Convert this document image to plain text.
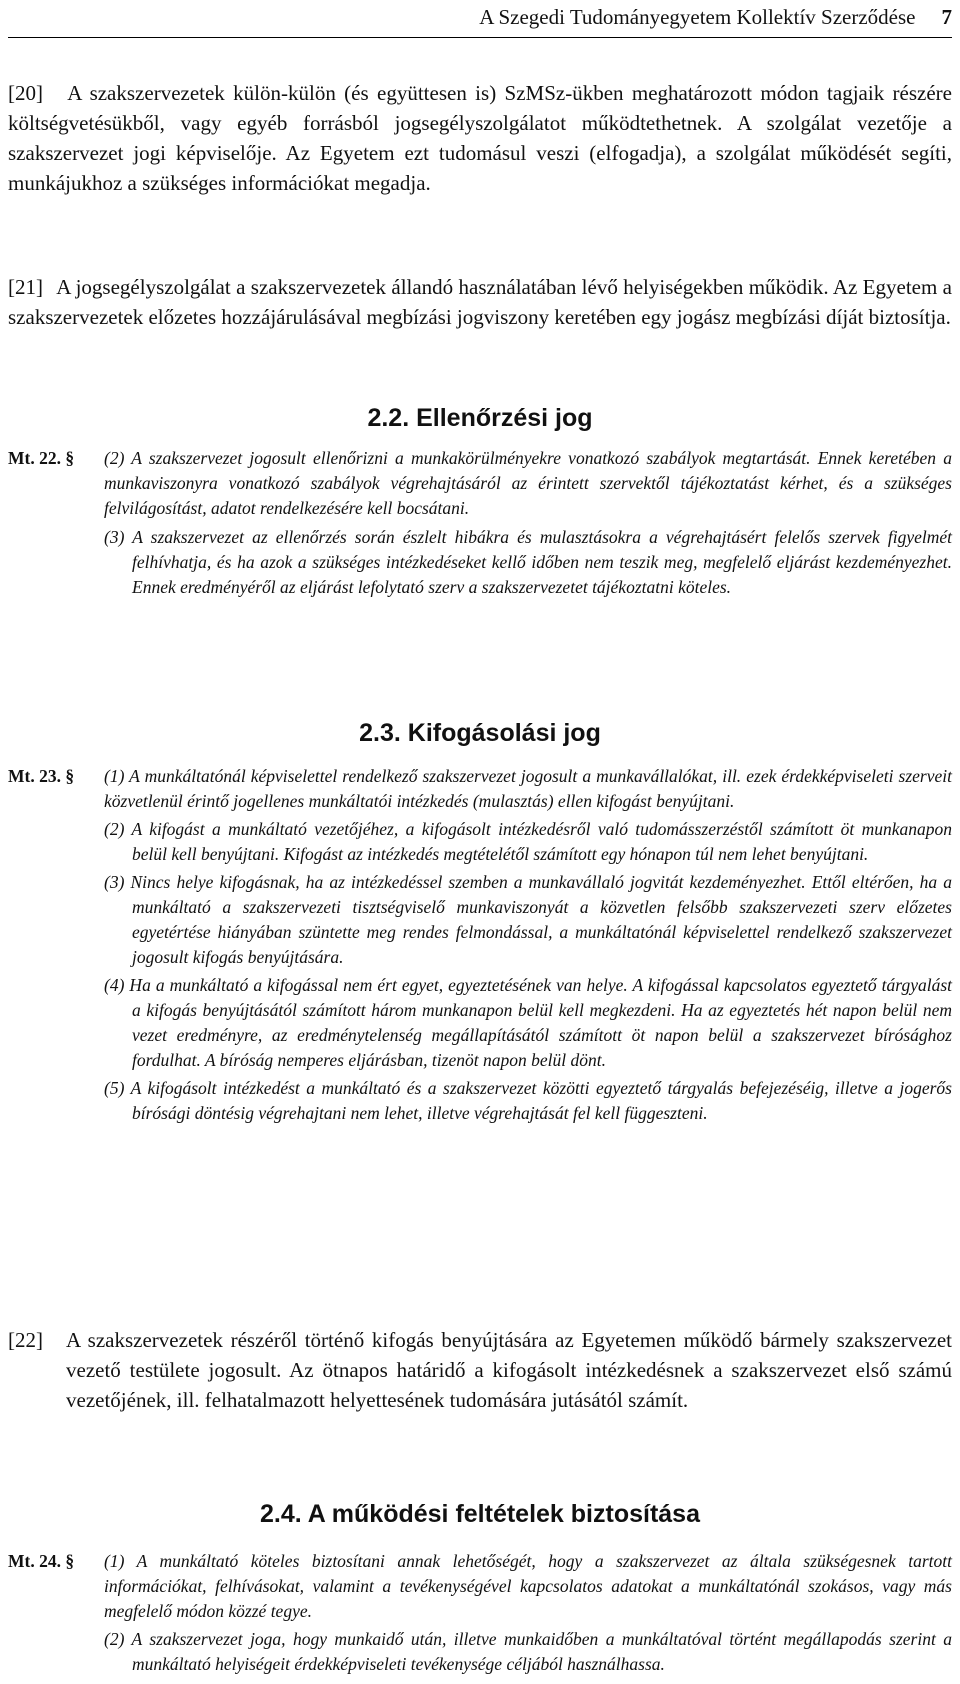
A Szegedi Tudományegyetem Kollektív Szerződése 7
[20] A szakszervezetek külön-külön (és együttesen is) SzMSz-ükben meghatározott módon tagjaik részére költségvetésükből, vagy egyéb forrásból jogsegélyszolgálatot működtethetnek. A szolgálat vezetője a szakszervezet jogi képviselője. Az Egyetem ezt tudomásul veszi (elfogadja), a szolgálat működését segíti, munkájukhoz a szükséges információkat megadja.
[21] A jogsegélyszolgálat a szakszervezetek állandó használatában lévő helyiségekben működik. Az Egyetem a szakszervezetek előzetes hozzájárulásával megbízási jogviszony keretében egy jogász megbízási díját biztosítja.
2.2. Ellenőrzési jog
Mt. 22. § (2) A szakszervezet jogosult ellenőrizni a munkakörülményekre vonatkozó szabályok megtartását. Ennek keretében a munkaviszonyra vonatkozó szabályok végrehajtásáról az érintett szervektől tájékoztatást kérhet, és a szükséges felvilágosítást, adatot rendelkezésére kell bocsátani.
(3) A szakszervezet az ellenőrzés során észlelt hibákra és mulasztásokra a végrehajtásért felelős szervek figyelmét felhívhatja, és ha azok a szükséges intézkedéseket kellő időben nem teszik meg, megfelelő eljárást kezdeményezhet. Ennek eredményéről az eljárást lefolytató szerv a szakszervezetet tájékoztatni köteles.
2.3. Kifogásolási jog
Mt. 23. § (1) A munkáltatónál képviselettel rendelkező szakszervezet jogosult a munkavállalókat, ill. ezek érdekképviseleti szerveit közvetlenül érintő jogellenes munkáltatói intézkedés (mulasztás) ellen kifogást benyújtani.
(2) A kifogást a munkáltató vezetőjéhez, a kifogásolt intézkedésről való tudomásszerzéstől számított öt munkanapon belül kell benyújtani. Kifogást az intézkedés megtételétől számított egy hónapon túl nem lehet benyújtani.
(3) Nincs helye kifogásnak, ha az intézkedéssel szemben a munkavállaló jogvitát kezdeményezhet. Ettől eltérően, ha a munkáltató a szakszervezeti tisztségviselő munkaviszonyát a közvetlen felsőbb szakszervezeti szerv előzetes egyetértése hiányában szüntette meg rendes felmondással, a munkáltatónál képviselettel rendelkező szakszervezet jogosult kifogás benyújtására.
(4) Ha a munkáltató a kifogással nem ért egyet, egyeztetésének van helye. A kifogással kapcsolatos egyeztető tárgyalást a kifogás benyújtásától számított három munkanapon belül kell megkezdeni. Ha az egyeztetés hét napon belül nem vezet eredményre, az eredménytelenség megállapításától számított öt napon belül a szakszervezet bírósághoz fordulhat. A bíróság nemperes eljárásban, tizenöt napon belül dönt.
(5) A kifogásolt intézkedést a munkáltató és a szakszervezet közötti egyeztető tárgyalás befejezéséig, illetve a jogerős bírósági döntésig végrehajtani nem lehet, illetve végrehajtását fel kell függeszteni.
[22] A szakszervezetek részéről történő kifogás benyújtására az Egyetemen működő bármely szakszervezet vezető testülete jogosult. Az ötnapos határidő a kifogásolt intézkedésnek a szakszervezet első számú vezetőjének, ill. felhatalmazott helyettesének tudomására jutásától számít.
2.4. A működési feltételek biztosítása
Mt. 24. § (1) A munkáltató köteles biztosítani annak lehetőségét, hogy a szakszervezet az általa szükségesnek tartott információkat, felhívásokat, valamint a tevékenységével kapcsolatos adatokat a munkáltatónál szokásos, vagy más megfelelő módon közzé tegye.
(2) A szakszervezet joga, hogy munkaidő után, illetve munkaidőben a munkáltatóval történt megállapodás szerint a munkáltató helyiségeit érdekképviseleti tevékenysége céljából használhassa.
